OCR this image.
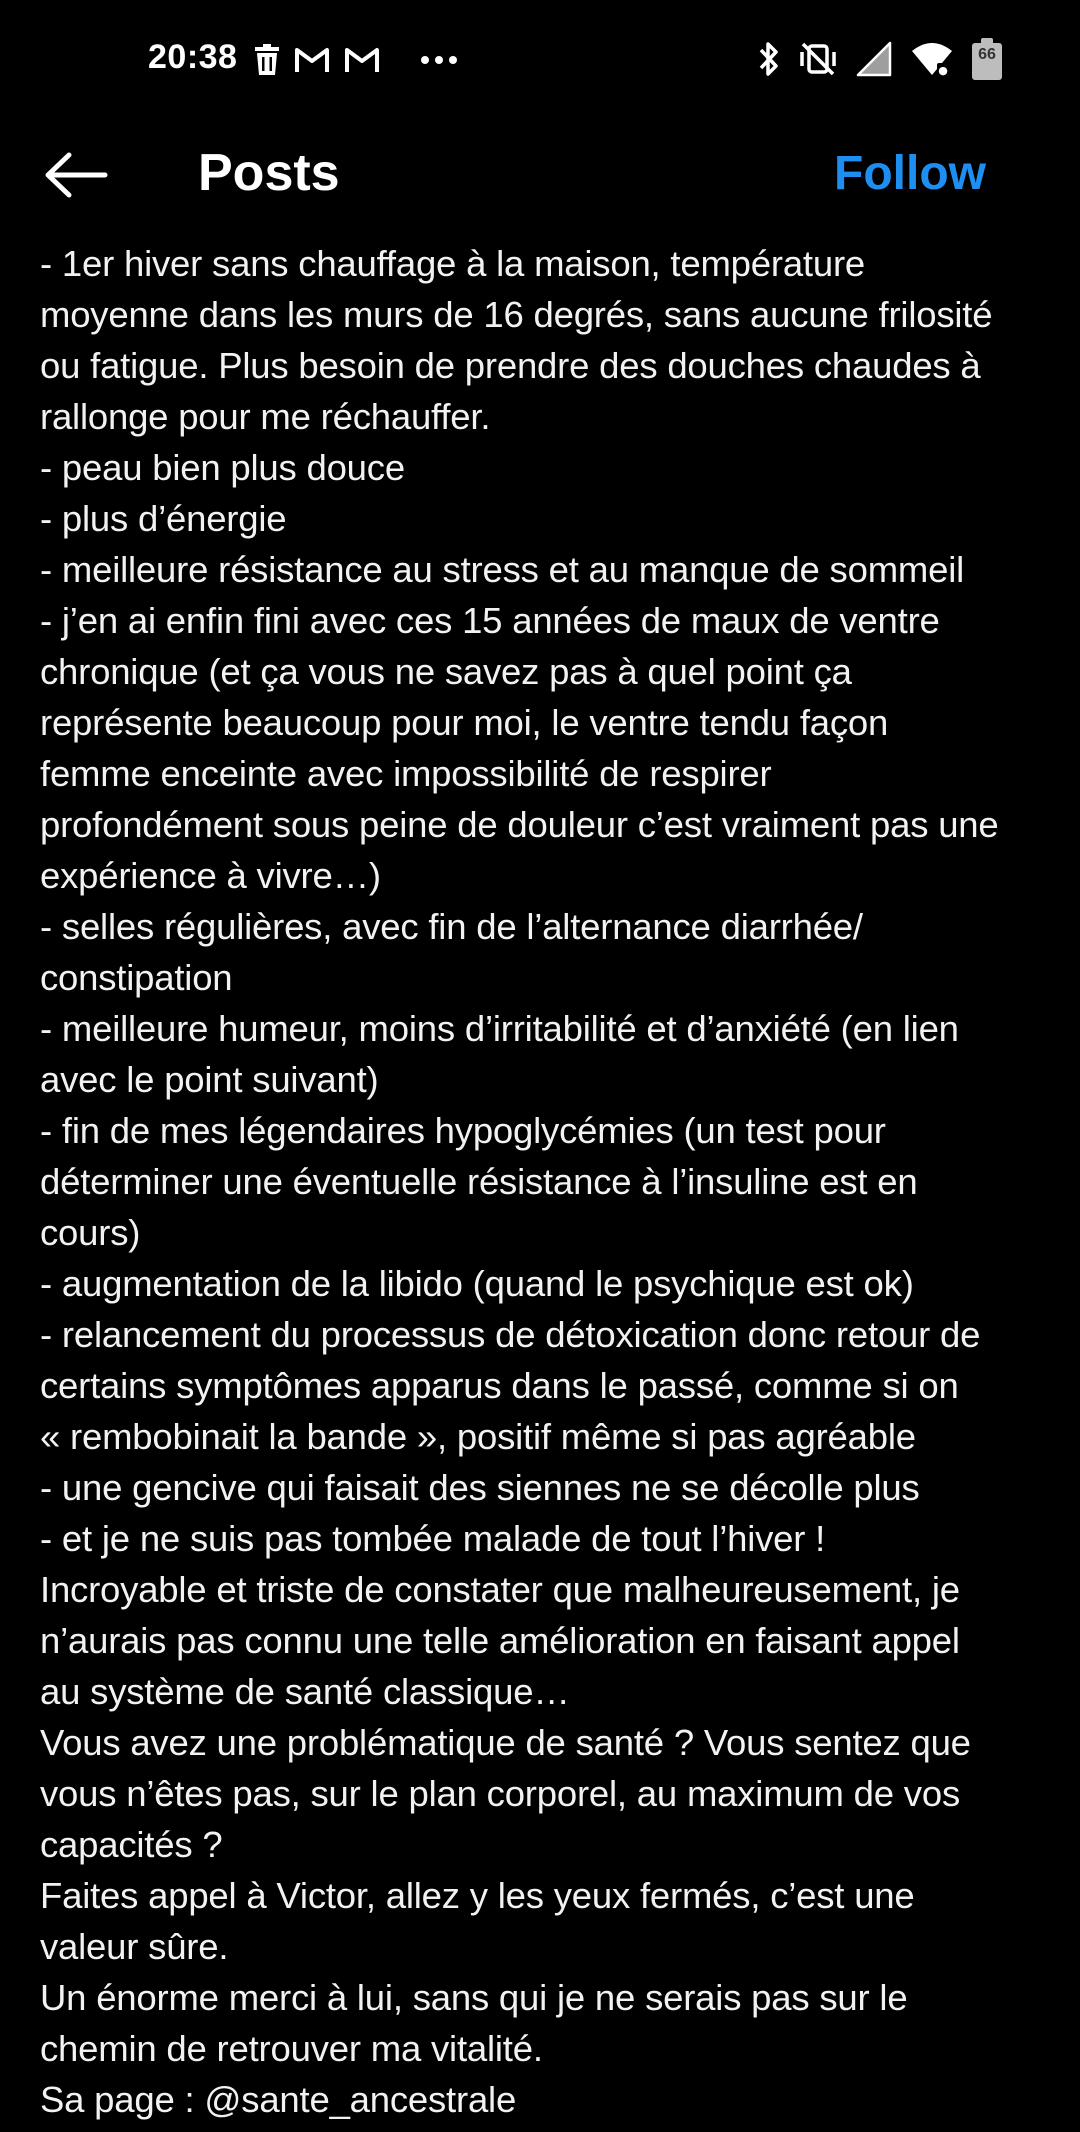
20:38	●
66
Posts	Follow
- 1er hiver sans chauffage à la maison, température
moyenne dans les murs de 16 degrés, sans aucune frilosité
ou fatigue. Plus besoin de prendre des douches chaudes à
rallonge pour me réchauffer.
- peau bien plus douce
- plus d’énergie
- meilleure résistance au stress et au manque de sommeil
- j’en ai enfin fini avec ces 15 années de maux de ventre
chronique (et ça vous ne savez pas à quel point ça
représente beaucoup pour moi, le ventre tendu façon
femme enceinte avec impossibilité de respirer
profondément sous peine de douleur c’est vraiment pas une
expérience à vivre…)
- selles régulières, avec fin de l’alternance diarrhée/
constipation
- meilleure humeur, moins d’irritabilité et d’anxiété (en lien
avec le point suivant)
- fin de mes légendaires hypoglycémies (un test pour
déterminer une éventuelle résistance à l’insuline est en
cours)
- augmentation de la libido (quand le psychique est ok)
- relancement du processus de détoxication donc retour de
certains symptômes apparus dans le passé, comme si on
« rembobinait la bande », positif même si pas agréable
- une gencive qui faisait des siennes ne se décolle plus
- et je ne suis pas tombée malade de tout l’hiver !
Incroyable et triste de constater que malheureusement, je
n’aurais pas connu une telle amélioration en faisant appel
au système de santé classique…
Vous avez une problématique de santé ? Vous sentez que
vous n’êtes pas, sur le plan corporel, au maximum de vos
capacités ?
Faites appel à Victor, allez y les yeux fermés, c’est une
valeur sûre.
Un énorme merci à lui, sans qui je ne serais pas sur le
chemin de retrouver ma vitalité.
Sa page : @sante_ancestrale
